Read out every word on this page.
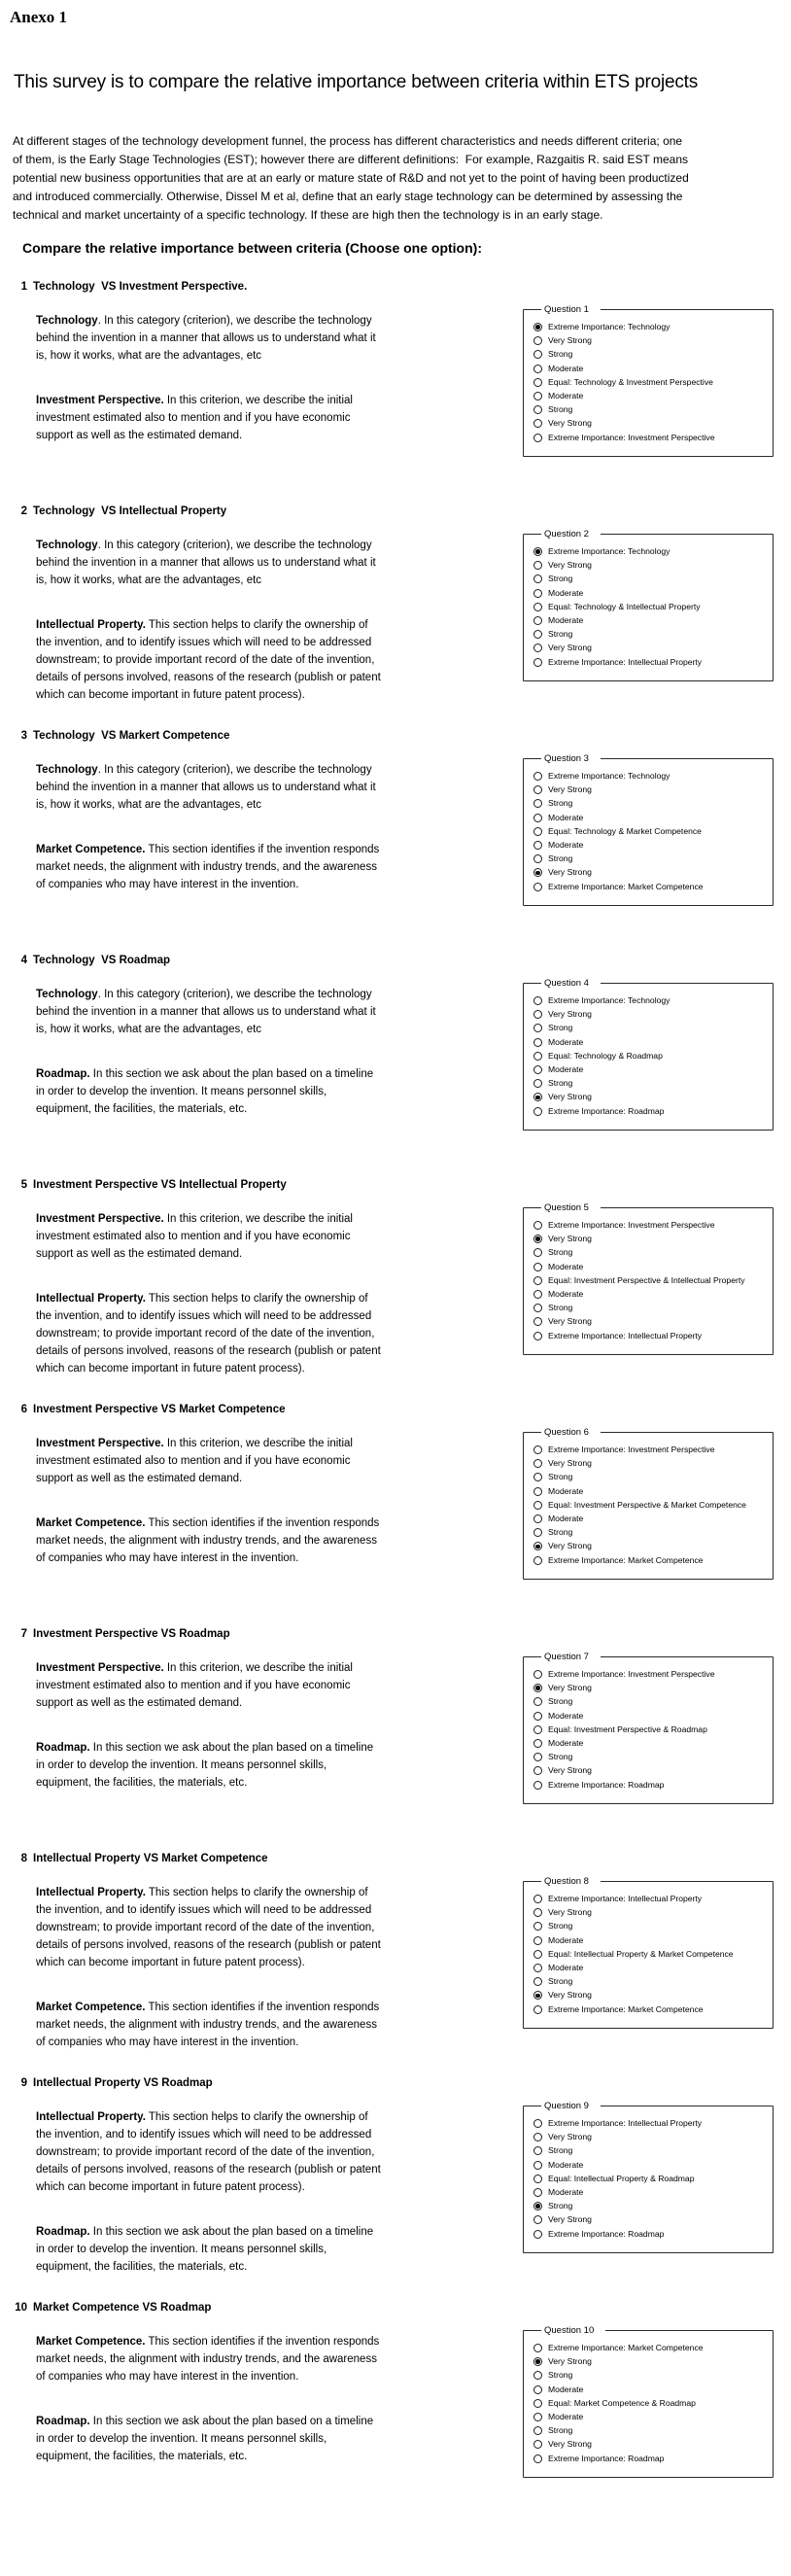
Anexo 1
This survey is to compare the relative importance between criteria within ETS projects

At different stages of the technology development funnel, the process has different characteristics and needs different criteria; one of them, is the Early Stage Technologies (EST); however there are different definitions:  For example, Razgaitis R. said EST means potential new business opportunities that are at an early or mature state of R&D and not yet to the point of having been productized and introduced commercially. Otherwise, Dissel M et al, define that an early stage technology can be determined by assessing the technical and market uncertainty of a specific technology. If these are high then the technology is in an early stage.

Compare the relative importance between criteria (Choose one option):
1 Technology  VS Investment Perspective.

Technology. In this category (criterion), we describe the technology behind the invention in a manner that allows us to understand what it is, how it works, what are the advantages, etc

Investment Perspective. In this criterion, we describe the initial investment estimated also to mention and if you have economic support as well as the estimated demand.

Question 1
Extreme Importance: Technology
Very Strong
Strong
Moderate
Equal: Technology & Investment Perspective
Moderate
Strong
Very Strong
Extreme Importance: Investment Perspective
2 Technology  VS Intellectual Property

Technology. In this category (criterion), we describe the technology behind the invention in a manner that allows us to understand what it is, how it works, what are the advantages, etc

Intellectual Property. This section helps to clarify the ownership of the invention, and to identify issues which will need to be addressed downstream; to provide important record of the date of the invention, details of persons involved, reasons of the research (publish or patent which can become important in future patent process).

Question 2
Extreme Importance: Technology
Very Strong
Strong
Moderate
Equal: Technology & Intellectual Property
Moderate
Strong
Very Strong
Extreme Importance: Intellectual Property
3 Technology  VS Markert Competence

Technology. In this category (criterion), we describe the technology behind the invention in a manner that allows us to understand what it is, how it works, what are the advantages, etc

Market Competence. This section identifies if the invention responds market needs, the alignment with industry trends, and the awareness of companies who may have interest in the invention.

Question 3
Extreme Importance: Technology
Very Strong
Strong
Moderate
Equal: Technology & Market Competence
Moderate
Strong
Very Strong
Extreme Importance: Market Competence
4 Technology  VS Roadmap

Technology. In this category (criterion), we describe the technology behind the invention in a manner that allows us to understand what it is, how it works, what are the advantages, etc

Roadmap. In this section we ask about the plan based on a timeline in order to develop the invention. It means personnel skills, equipment, the facilities, the materials, etc.

Question 4
Extreme Importance: Technology
Very Strong
Strong
Moderate
Equal: Technology & Roadmap
Moderate
Strong
Very Strong
Extreme Importance: Roadmap
5 Investment Perspective VS Intellectual Property

Investment Perspective. In this criterion, we describe the initial investment estimated also to mention and if you have economic support as well as the estimated demand.

Intellectual Property. This section helps to clarify the ownership of the invention, and to identify issues which will need to be addressed downstream; to provide important record of the date of the invention, details of persons involved, reasons of the research (publish or patent which can become important in future patent process).

Question 5
Extreme Importance: Investment Perspective
Very Strong
Strong
Moderate
Equal: Investment Perspective & Intellectual Property
Moderate
Strong
Very Strong
Extreme Importance: Intellectual Property
6 Investment Perspective VS Market Competence

Investment Perspective. In this criterion, we describe the initial investment estimated also to mention and if you have economic support as well as the estimated demand.

Market Competence. This section identifies if the invention responds market needs, the alignment with industry trends, and the awareness of companies who may have interest in the invention.

Question 6
Extreme Importance: Investment Perspective
Very Strong
Strong
Moderate
Equal: Investment Perspective & Market Competence
Moderate
Strong
Very Strong
Extreme Importance: Market Competence
7 Investment Perspective VS Roadmap

Investment Perspective. In this criterion, we describe the initial investment estimated also to mention and if you have economic support as well as the estimated demand.

Roadmap. In this section we ask about the plan based on a timeline in order to develop the invention. It means personnel skills, equipment, the facilities, the materials, etc.

Question 7
Extreme Importance: Investment Perspective
Very Strong
Strong
Moderate
Equal: Investment Perspective & Roadmap
Moderate
Strong
Very Strong
Extreme Importance: Roadmap
8 Intellectual Property VS Market Competence

Intellectual Property. This section helps to clarify the ownership of the invention, and to identify issues which will need to be addressed downstream; to provide important record of the date of the invention, details of persons involved, reasons of the research (publish or patent which can become important in future patent process).

Market Competence. This section identifies if the invention responds market needs, the alignment with industry trends, and the awareness of companies who may have interest in the invention.

Question 8
Extreme Importance: Intellectual Property
Very Strong
Strong
Moderate
Equal: Intellectual Property & Market Competence
Moderate
Strong
Very Strong
Extreme Importance: Market Competence
9 Intellectual Property VS Roadmap

Intellectual Property. This section helps to clarify the ownership of the invention, and to identify issues which will need to be addressed downstream; to provide important record of the date of the invention, details of persons involved, reasons of the research (publish or patent which can become important in future patent process).

Roadmap. In this section we ask about the plan based on a timeline in order to develop the invention. It means personnel skills, equipment, the facilities, the materials, etc.

Question 9
Extreme Importance: Intellectual Property
Very Strong
Strong
Moderate
Equal: Intellectual Property & Roadmap
Moderate
Strong
Very Strong
Extreme Importance: Roadmap
10 Market Competence VS Roadmap

Market Competence. This section identifies if the invention responds market needs, the alignment with industry trends, and the awareness of companies who may have interest in the invention.

Roadmap. In this section we ask about the plan based on a timeline in order to develop the invention. It means personnel skills, equipment, the facilities, the materials, etc.

Question 10
Extreme Importance: Market Competence
Very Strong
Strong
Moderate
Equal: Market Competence & Roadmap
Moderate
Strong
Very Strong
Extreme Importance: Roadmap
